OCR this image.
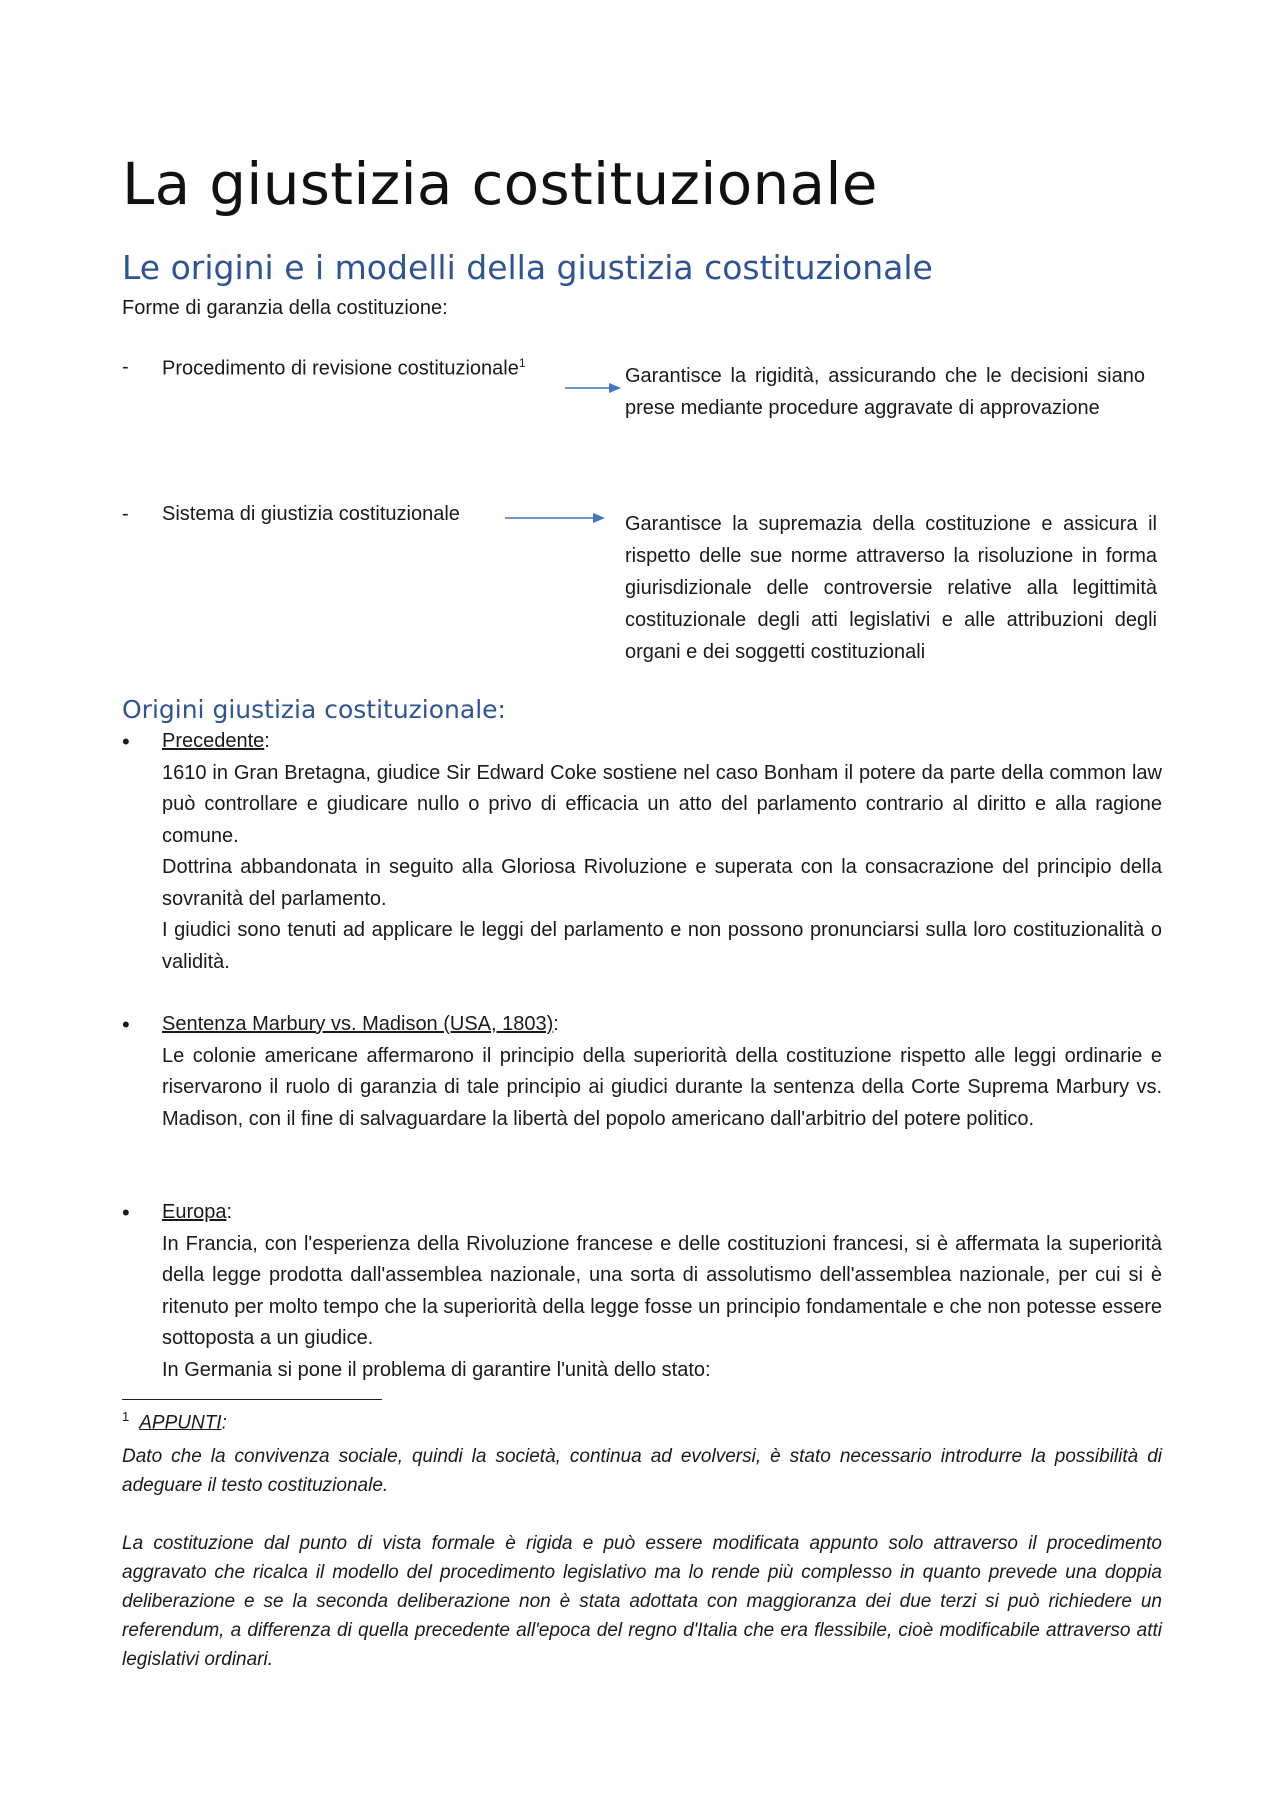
La giustizia costituzionale
Le origini e i modelli della giustizia costituzionale
Forme di garanzia della costituzione:
- Procedimento di revisione costituzionale$^1$
Garantisce la rigidità, assicurando che le decisioni siano prese mediante procedure aggravate di approvazione
- Sistema di giustizia costituzionale	Garantisce la supremazia della costituzione e assicura il rispetto delle sue norme attraverso la risoluzione in forma giurisdizionale delle controversie relative alla legittimità costituzionale degli atti legislativi e alle attribuzioni degli organi e dei soggetti costituzionali
Origini giustizia costituzionale:
• Precedente:

1610 in Gran Bretagna, giudice Sir Edward Coke sostiene nel caso Bonham il potere da parte della common law può controllare e giudicare nullo o privo di efficacia un atto del parlamento contrario al diritto e alla ragione comune.

Dottrina abbandonata in seguito alla Gloriosa Rivoluzione e superata con la consacrazione del principio della sovranità del parlamento.

I giudici sono tenuti ad applicare le leggi del parlamento e non possono pronunciarsi sulla loro costituzionalità o validità.

• Sentenza Marbury vs. Madison (USA, 1803):

Le colonie americane affermarono il principio della superiorità della costituzione rispetto alle leggi ordinarie e riservarono il ruolo di garanzia di tale principio ai giudici durante la sentenza della Corte Suprema Marbury vs. Madison, con il fine di salvaguardare la libertà del popolo americano dall'arbitrio del potere politico.

• Europa:

In Francia, con l'esperienza della Rivoluzione francese e delle costituzioni francesi, si è affermata la superiorità della legge prodotta dall'assemblea nazionale, una sorta di assolutismo dell'assemblea nazionale, per cui si è ritenuto per molto tempo che la superiorità della legge fosse un principio fondamentale e che non potesse essere sottoposta a un giudice.

In Germania si pone il problema di garantire l'unità dello stato:

$^1$ APPUNTI:

Dato che la convivenza sociale, quindi la società, continua ad evolversi, è stato necessario introdurre la possibilità di adeguare il testo costituzionale.

La costituzione dal punto di vista formale è rigida e può essere modificata appunto solo attraverso il procedimento aggravato che ricalca il modello del procedimento legislativo ma lo rende più complesso in quanto prevede una doppia deliberazione e se la seconda deliberazione non è stata adottata con maggioranza dei due terzi si può richiedere un referendum, a differenza di quella precedente all'epoca del regno d'Italia che era flessibile, cioè modificabile attraverso atti legislativi ordinari.
